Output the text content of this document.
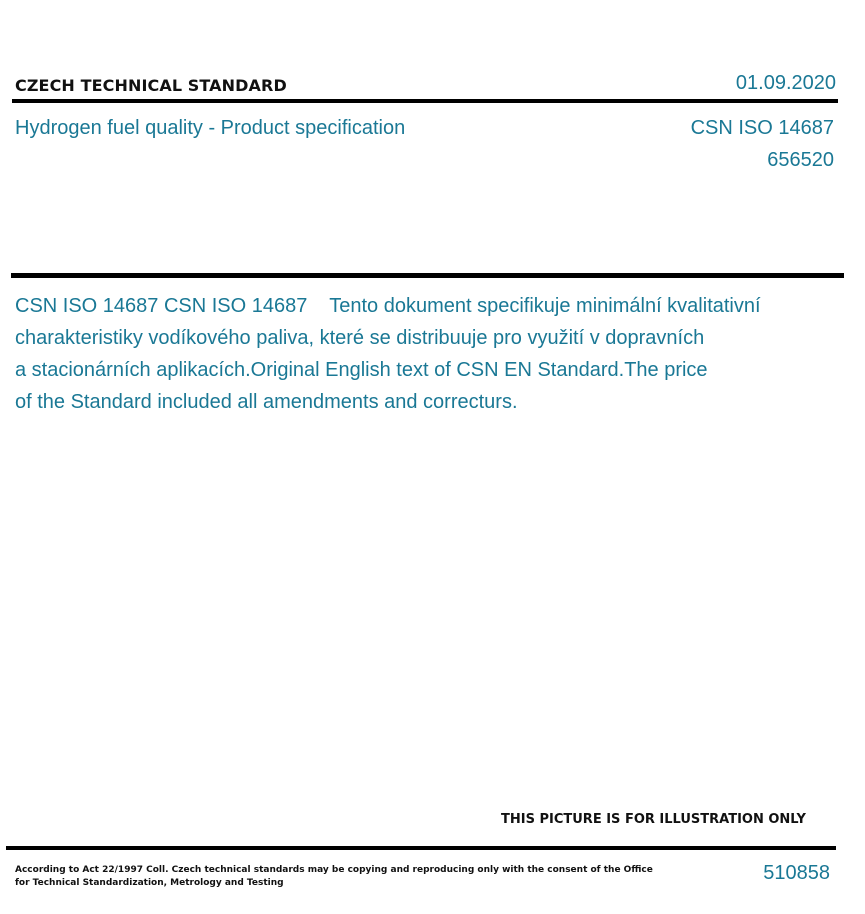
CZECH TECHNICAL STANDARD	01.09.2020
Hydrogen fuel quality - Product specification	CSN ISO 14687
656520
CSN ISO 14687 CSN ISO 14687    Tento dokument specifikuje minimální kvalitativní
charakteristiky vodíkového paliva, které se distribuuje pro využití v dopravních
a stacionárních aplikacích.Original English text of CSN EN Standard.The price
of the Standard included all amendments and correcturs.
THIS PICTURE IS FOR ILLUSTRATION ONLY
According to Act 22/1997 Coll. Czech technical standards may be copying and reproducing only with the consent of the Office
for Technical Standardization, Metrology and Testing	510858
